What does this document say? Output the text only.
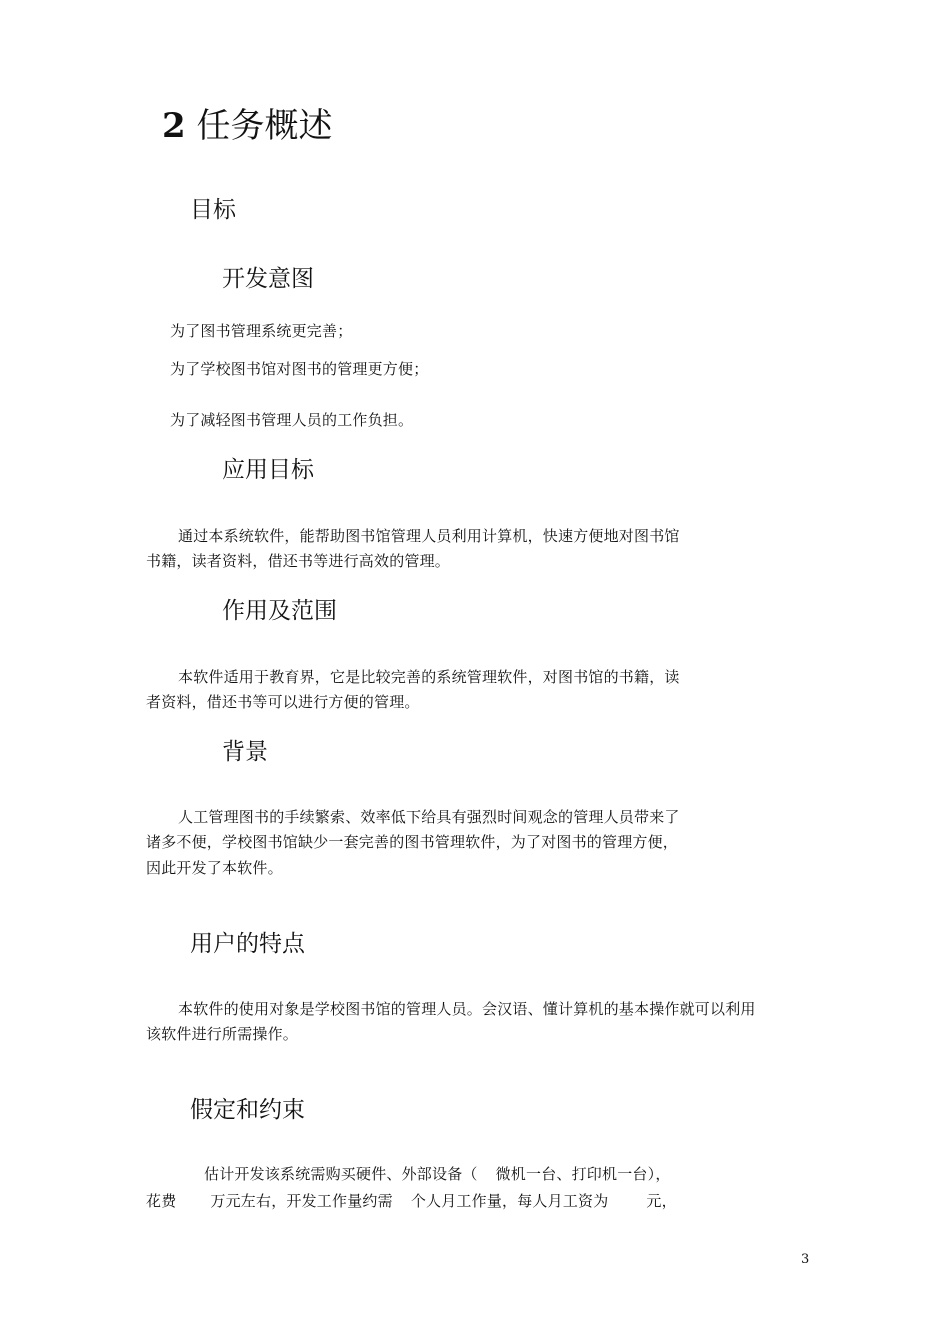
2 任务概述
目标
开发意图
为了图书管理系统更完善；
为了学校图书馆对图书的管理更方便；
为了减轻图书管理人员的工作负担。
应用目标
通过本系统软件，能帮助图书馆管理人员利用计算机，快速方便地对图书馆
书籍，读者资料，借还书等进行高效的管理。
作用及范围
本软件适用于教育界，它是比较完善的系统管理软件，对图书馆的书籍，读
者资料，借还书等可以进行方便的管理。
背景
人工管理图书的手续繁索、效率低下给具有强烈时间观念的管理人员带来了
诸多不便，学校图书馆缺少一套完善的图书管理软件，为了对图书的管理方便，
因此开发了本软件。
用户的特点
本软件的使用对象是学校图书馆的管理人员。会汉语、懂计算机的基本操作就可以利用
该软件进行所需操作。
假定和约束
估计开发该系统需购买硬件、外部设备（ 微机一台、打印机一台），
花费 万元左右，开发工作量约需 个人月工作量，每人月工资为	元，
3
